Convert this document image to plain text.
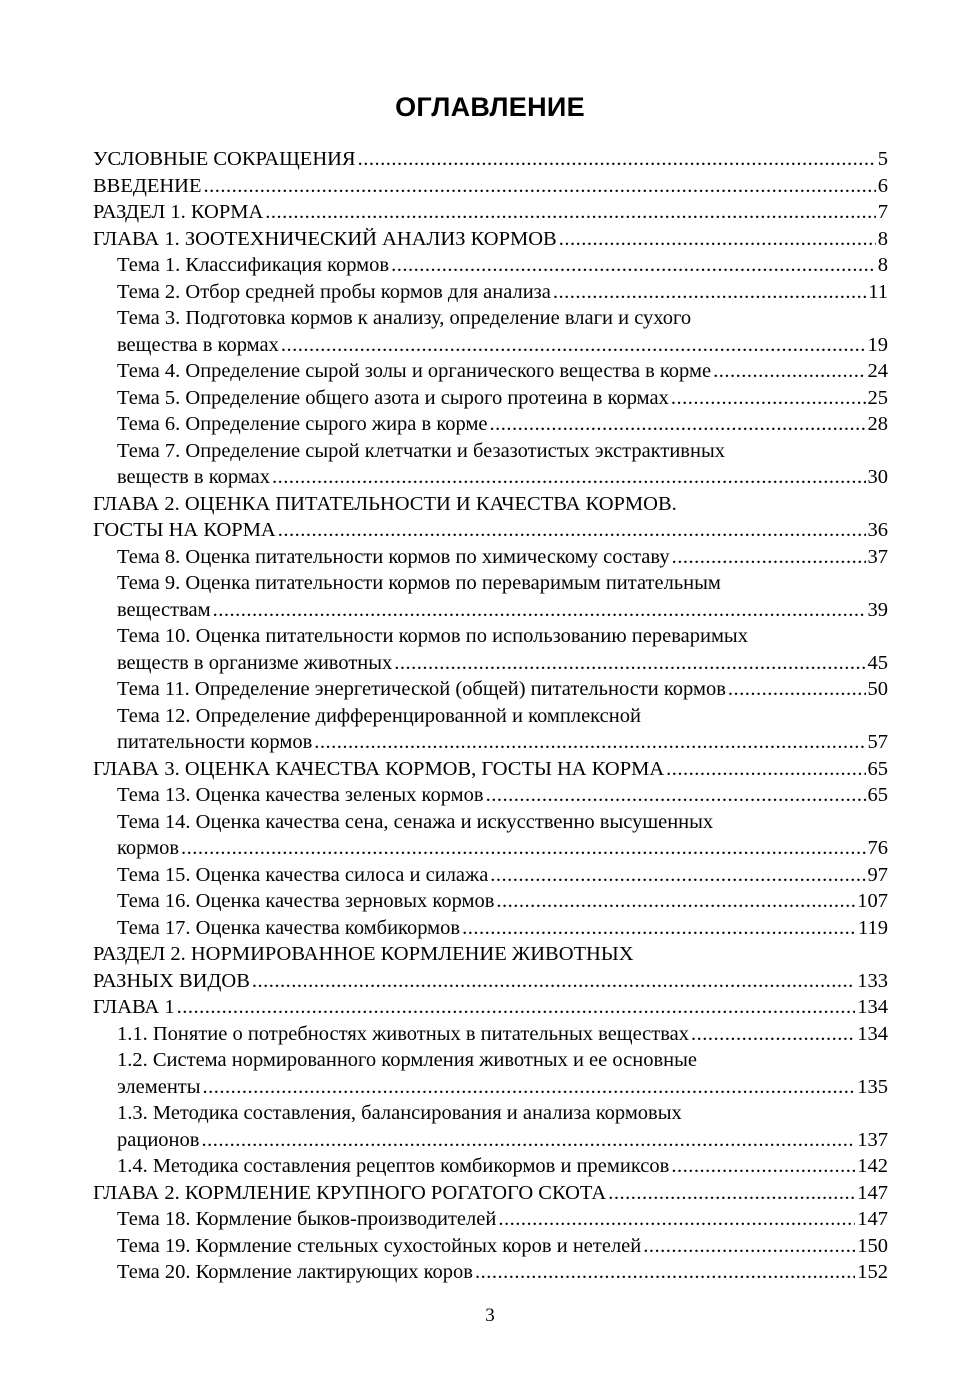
ОГЛАВЛЕНИЕ
УСЛОВНЫЕ СОКРАЩЕНИЯ .....	5
ВВЕДЕНИЕ .....	6
РАЗДЕЛ 1. КОРМА .....	7
ГЛАВА 1. ЗООТЕХНИЧЕСКИЙ АНАЛИЗ КОРМОВ .....	8
Тема 1. Классификация кормов .....	8
Тема 2. Отбор средней пробы кормов для анализа .....	11
Тема 3. Подготовка кормов к анализу, определение влаги и сухого
вещества в кормах .....	19
Тема 4. Определение сырой золы и органического вещества в корме .....	24
Тема 5. Определение общего азота и сырого протеина в кормах .....	25
Тема 6. Определение сырого жира в корме .....	28
Тема 7. Определение сырой клетчатки и безазотистых экстрактивных
веществ в кормах .....	30
ГЛАВА 2. ОЦЕНКА ПИТАТЕЛЬНОСТИ И КАЧЕСТВА КОРМОВ.
ГОСТЫ НА КОРМА .....	36
Тема 8. Оценка питательности кормов по химическому составу .....	37
Тема 9. Оценка питательности кормов по переваримым питательным
веществам .....	39
Тема 10. Оценка питательности кормов по использованию переваримых
веществ в организме животных .....	45
Тема 11. Определение энергетической (общей) питательности кормов .....	50
Тема 12. Определение дифференцированной и комплексной
питательности кормов .....	57
ГЛАВА 3. ОЦЕНКА КАЧЕСТВА КОРМОВ, ГОСТЫ НА КОРМА .....	65
Тема 13. Оценка качества зеленых кормов .....	65
Тема 14. Оценка качества сена, сенажа и искусственно высушенных
кормов .....	76
Тема 15. Оценка качества силоса и силажа .....	97
Тема 16. Оценка качества зерновых кормов .....	107
Тема 17. Оценка качества комбикормов .....	119
РАЗДЕЛ 2. НОРМИРОВАННОЕ КОРМЛЕНИЕ ЖИВОТНЫХ
РАЗНЫХ ВИДОВ .....	133
ГЛАВА 1 .....	134
1.1. Понятие о потребностях животных в питательных веществах .....	134
1.2. Система нормированного кормления животных и ее основные
элементы .....	135
1.3. Методика составления, балансирования и анализа кормовых
рационов .....	137
1.4. Методика составления рецептов комбикормов и премиксов .....	142
ГЛАВА 2. КОРМЛЕНИЕ КРУПНОГО РОГАТОГО СКОТА .....	147
Тема 18. Кормление быков-производителей .....	147
Тема 19. Кормление стельных сухостойных коров и нетелей .....	150
Тема 20. Кормление лактирующих коров .....	152
3
